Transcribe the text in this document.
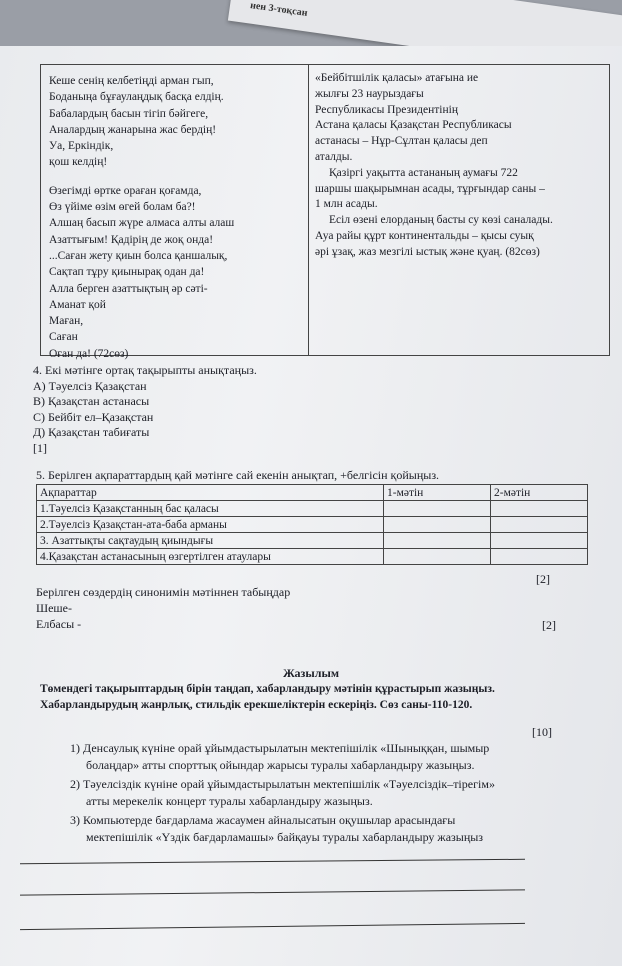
нен 3-тоқсан
Кеше сенің келбетіңді арман гып,
Боданыңа бұғаулаңдық басқа елдің.
Бабалардың басын тігіп бәйгеге,
Аналардың жанарына жас бердің!
Уа, Еркіндік,
қош келдің!
Өзегімді өртке ораған қоғамда,
Өз үйіме өзім өгей болам ба?!
Алшаң басып жүре алмаса алты алаш
Азаттығым! Қадірің де жоқ онда!
...Саған жету қиын болса қаншалық,
Сақтап тұру қиынырақ одан да!
Алла берген азаттықтың әр сәті-
Аманат қой
Маған,
Саған
Оған да! (72сөз)
«Бейбітшілік қаласы» атағына ие
жылғы 23 наурыздағы
Республикасы Президентінің
Астана қаласы Қазақстан Республикасы
астанасы – Нұр-Сұлтан қаласы деп
аталды.
Қазіргі уақытта астананың аумағы 722
шаршы шақырымнан асады, тұрғындар саны –
1 млн асады.
Есіл өзені елорданың басты су көзі саналады.
Ауа райы құрт континентальды – қысы суық
әрі ұзақ, жаз мезгілі ыстық және қуаң. (82сөз)
4. Екі мәтінге ортақ тақырыпты анықтаңыз.
А) Тәуелсіз Қазақстан
В) Қазақстан астанасы
С) Бейбіт ел–Қазақстан
Д) Қазақстан табиғаты
[1]
5. Берілген ақпараттардың қай мәтінге сай екенін анықтап, +белгісін қойыңыз.
Ақпараттар	1-мәтін	2-мәтін
1.Тәуелсіз Қазақстанның бас қаласы		
2.Тәуелсіз Қазақстан-ата-баба арманы		
3. Азаттықты сақтаудың қиындығы		
4.Қазақстан астанасының өзгертілген атаулары		
[2]
Берілген сөздердің синонимін мәтіннен табыңдар
Шеше-
Елбасы -	[2]
Жазылым
Төмендегі тақырыптардың бірін таңдап, хабарландыру мәтінін құрастырып жазыңыз.
Хабарландырудың жанрлық, стильдік ерекшеліктерін ескеріңіз. Сөз саны-110-120.
[10]
1) Денсаулық күніне орай ұйымдастырылатын мектепішілік «Шыныққан, шымыр
болаңдар» атты спорттық ойындар жарысы туралы хабарландыру жазыңыз.
2) Тәуелсіздік күніне орай ұйымдастырылатын мектепішілік «Тәуелсіздік–тірегім»
атты мерекелік концерт туралы хабарландыру жазыңыз.
3) Компьютерде бағдарлама жасаумен айналысатын оқушылар арасындағы
мектепішілік «Үздік бағдарламашы» байқауы туралы хабарландыру жазыңыз
